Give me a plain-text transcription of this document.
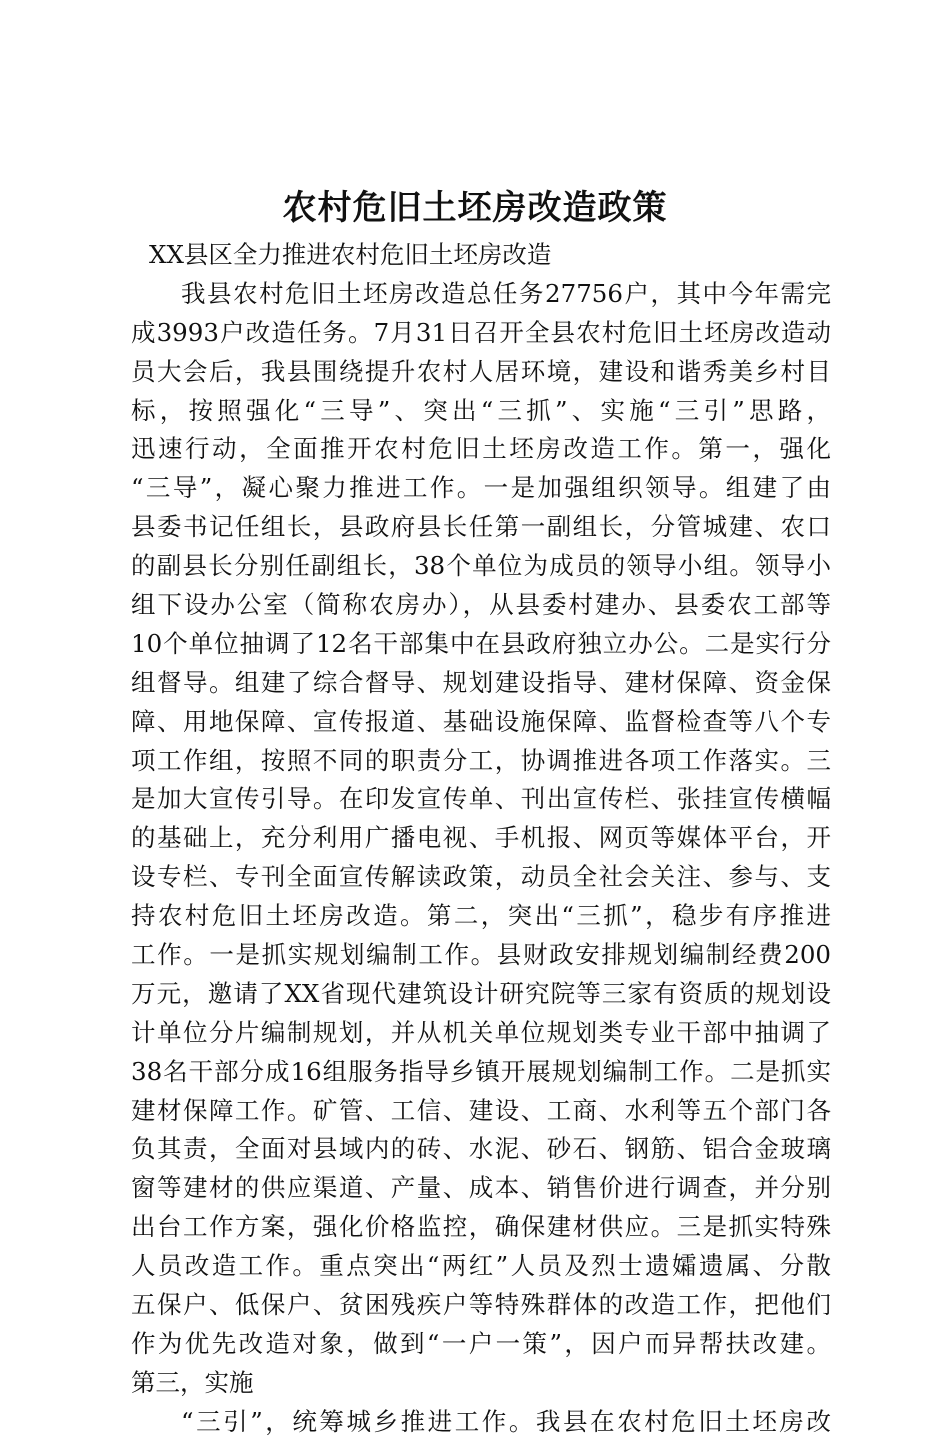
农村危旧土坯房改造政策
XX县区全力推进农村危旧土坯房改造
我县农村危旧土坯房改造总任务27756户，其中今年需完
成3993户改造任务。7月31日召开全县农村危旧土坯房改造动
员大会后，我县围绕提升农村人居环境，建设和谐秀美乡村目
标，按照强化“三导”、突出“三抓”、实施“三引”思路，
迅速行动，全面推开农村危旧土坯房改造工作。第一，强化
“三导”，凝心聚力推进工作。一是加强组织领导。组建了由
县委书记任组长，县政府县长任第一副组长，分管城建、农口
的副县长分别任副组长，38个单位为成员的领导小组。领导小
组下设办公室（简称农房办），从县委村建办、县委农工部等
10个单位抽调了12名干部集中在县政府独立办公。二是实行分
组督导。组建了综合督导、规划建设指导、建材保障、资金保
障、用地保障、宣传报道、基础设施保障、监督检查等八个专
项工作组，按照不同的职责分工，协调推进各项工作落实。三
是加大宣传引导。在印发宣传单、刊出宣传栏、张挂宣传横幅
的基础上，充分利用广播电视、手机报、网页等媒体平台，开
设专栏、专刊全面宣传解读政策，动员全社会关注、参与、支
持农村危旧土坯房改造。第二，突出“三抓”，稳步有序推进
工作。一是抓实规划编制工作。县财政安排规划编制经费200
万元，邀请了XX省现代建筑设计研究院等三家有资质的规划设
计单位分片编制规划，并从机关单位规划类专业干部中抽调了
38名干部分成16组服务指导乡镇开展规划编制工作。二是抓实
建材保障工作。矿管、工信、建设、工商、水利等五个部门各
负其责，全面对县域内的砖、水泥、砂石、钢筋、铝合金玻璃
窗等建材的供应渠道、产量、成本、销售价进行调查，并分别
出台工作方案，强化价格监控，确保建材供应。三是抓实特殊
人员改造工作。重点突出“两红”人员及烈士遗孀遗属、分散
五保户、低保户、贫困残疾户等特殊群体的改造工作，把他们
作为优先改造对象，做到“一户一策”，因户而异帮扶改建。
第三，实施
“三引”，统筹城乡推进工作。我县在农村危旧土坯房改
